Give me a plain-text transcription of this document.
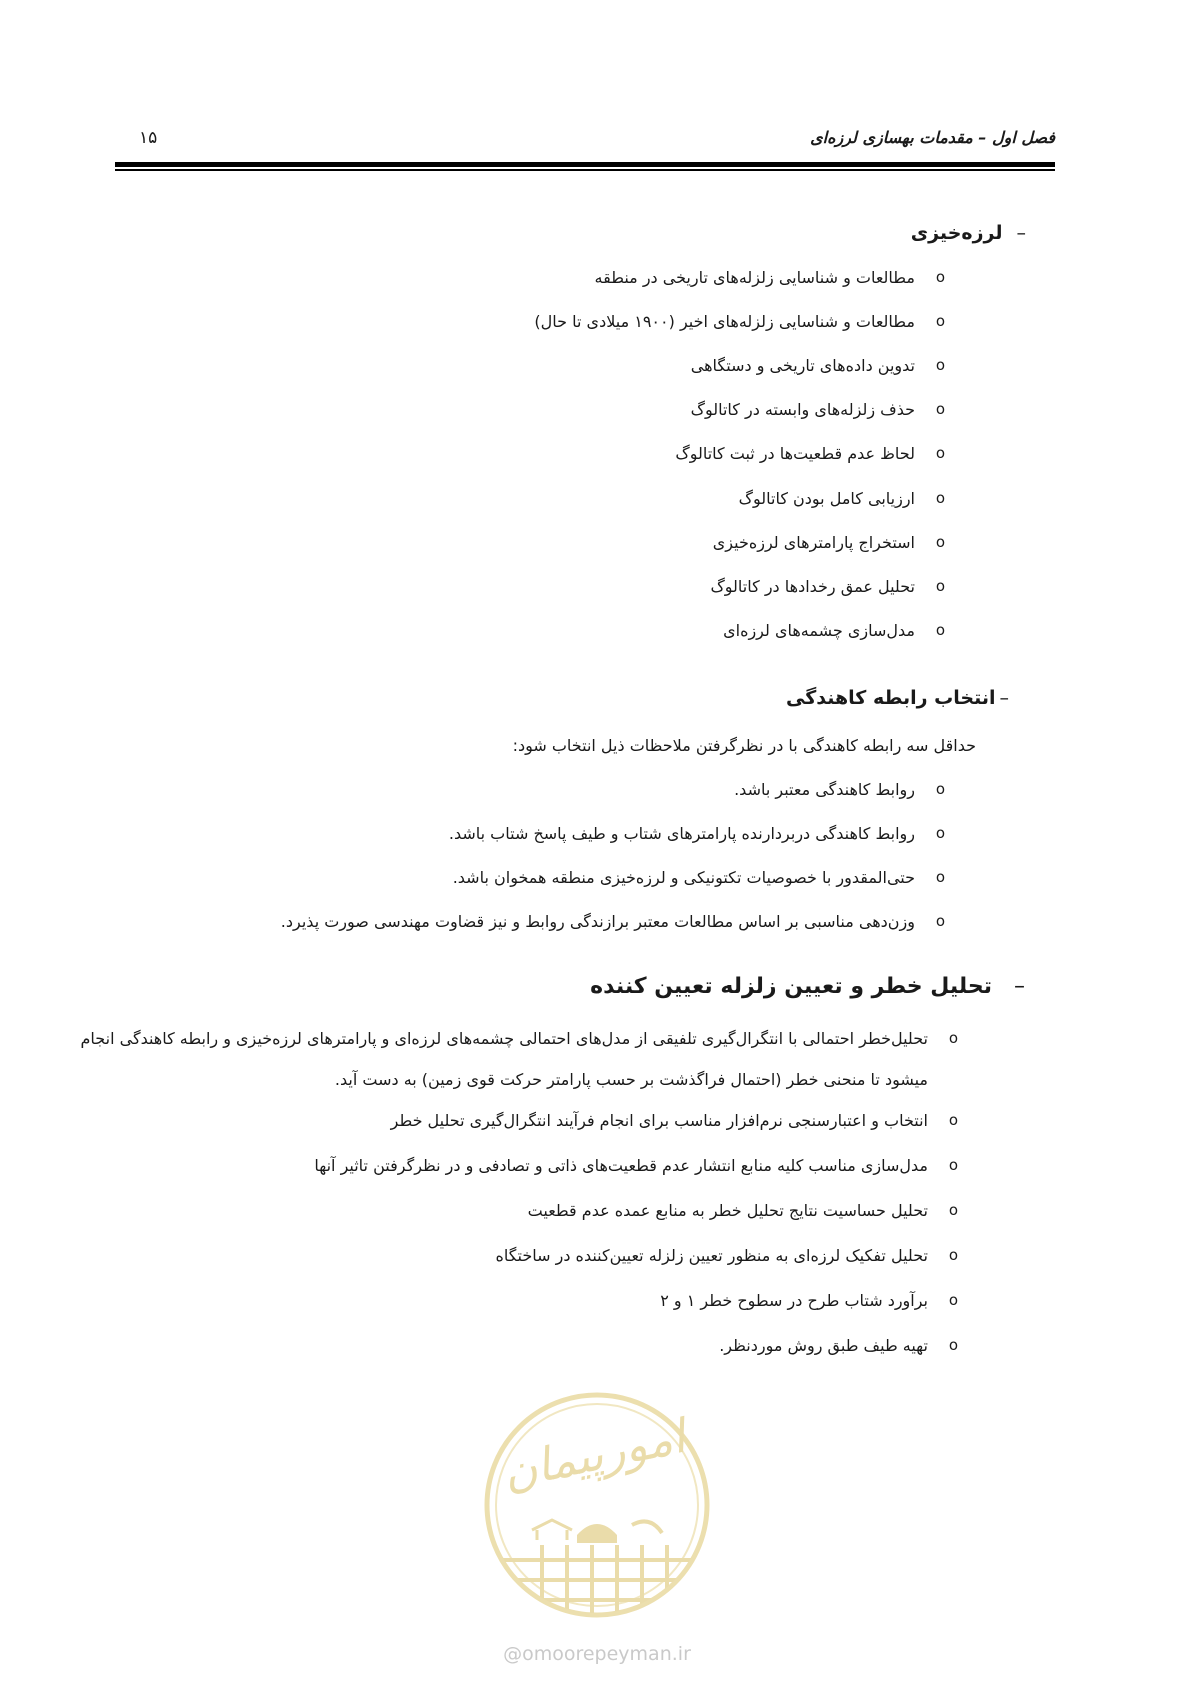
فصل اول – مقدمات بهسازی لرزه‌ای
۱۵
–لرزه‌خیزی
o
مطالعات و شناسایی زلزله‌های تاریخی در منطقه
o
مطالعات و شناسایی زلزله‌های اخیر (۱۹۰۰ میلادی تا حال)
o
تدوین داده‌های تاریخی و دستگاهی
o
حذف زلزله‌های وابسته در کاتالوگ
o
لحاظ عدم قطعیت‌ها در ثبت کاتالوگ
o
ارزیابی کامل بودن کاتالوگ
o
استخراج پارامترهای لرزه‌خیزی
o
تحلیل عمق رخدادها در کاتالوگ
o
مدل‌سازی چشمه‌های لرزه‌ای
–انتخاب رابطه کاهندگی
حداقل سه رابطه کاهندگی با در نظرگرفتن ملاحظات ذیل انتخاب شود:
o
روابط کاهندگی معتبر باشد.
o
روابط کاهندگی دربردارنده پارامترهای شتاب و طیف پاسخ شتاب باشد.
o
حتی‌المقدور با خصوصیات تکتونیکی و لرزه‌خیزی منطقه همخوان باشد.
o
وزن‌دهی مناسبی بر اساس مطالعات معتبر برازندگی روابط و نیز قضاوت مهندسی صورت پذیرد.
–تحلیل خطر و تعیین زلزله تعیین کننده
o
تحلیل‌خطر احتمالی با انتگرال‌گیری تلفیقی از مدل‌های احتمالی چشمه‌های لرزه‌ای و پارامترهای لرزه‌خیزی و رابطه کاهندگی انجام میشود تا منحنی خطر (احتمال فراگذشت بر حسب پارامتر حرکت قوی زمین) به دست آید.
o
انتخاب و اعتبارسنجی نرم‌افزار مناسب برای انجام فرآیند انتگرال‌گیری تحلیل خطر
o
مدل‌سازی مناسب کلیه منابع انتشار عدم قطعیت‌های ذاتی و تصادفی و در نظرگرفتن تاثیر آنها
o
تحلیل حساسیت نتایج تحلیل خطر به منابع عمده عدم قطعیت
o
تحلیل تفکیک لرزه‌ای به منظور تعیین زلزله تعیین‌کننده در ساختگاه
o
برآورد شتاب طرح در سطوح خطر ۱ و ۲
o
تهیه طیف طبق روش موردنظر.
امورپیمان
@omoorepeyman.ir
